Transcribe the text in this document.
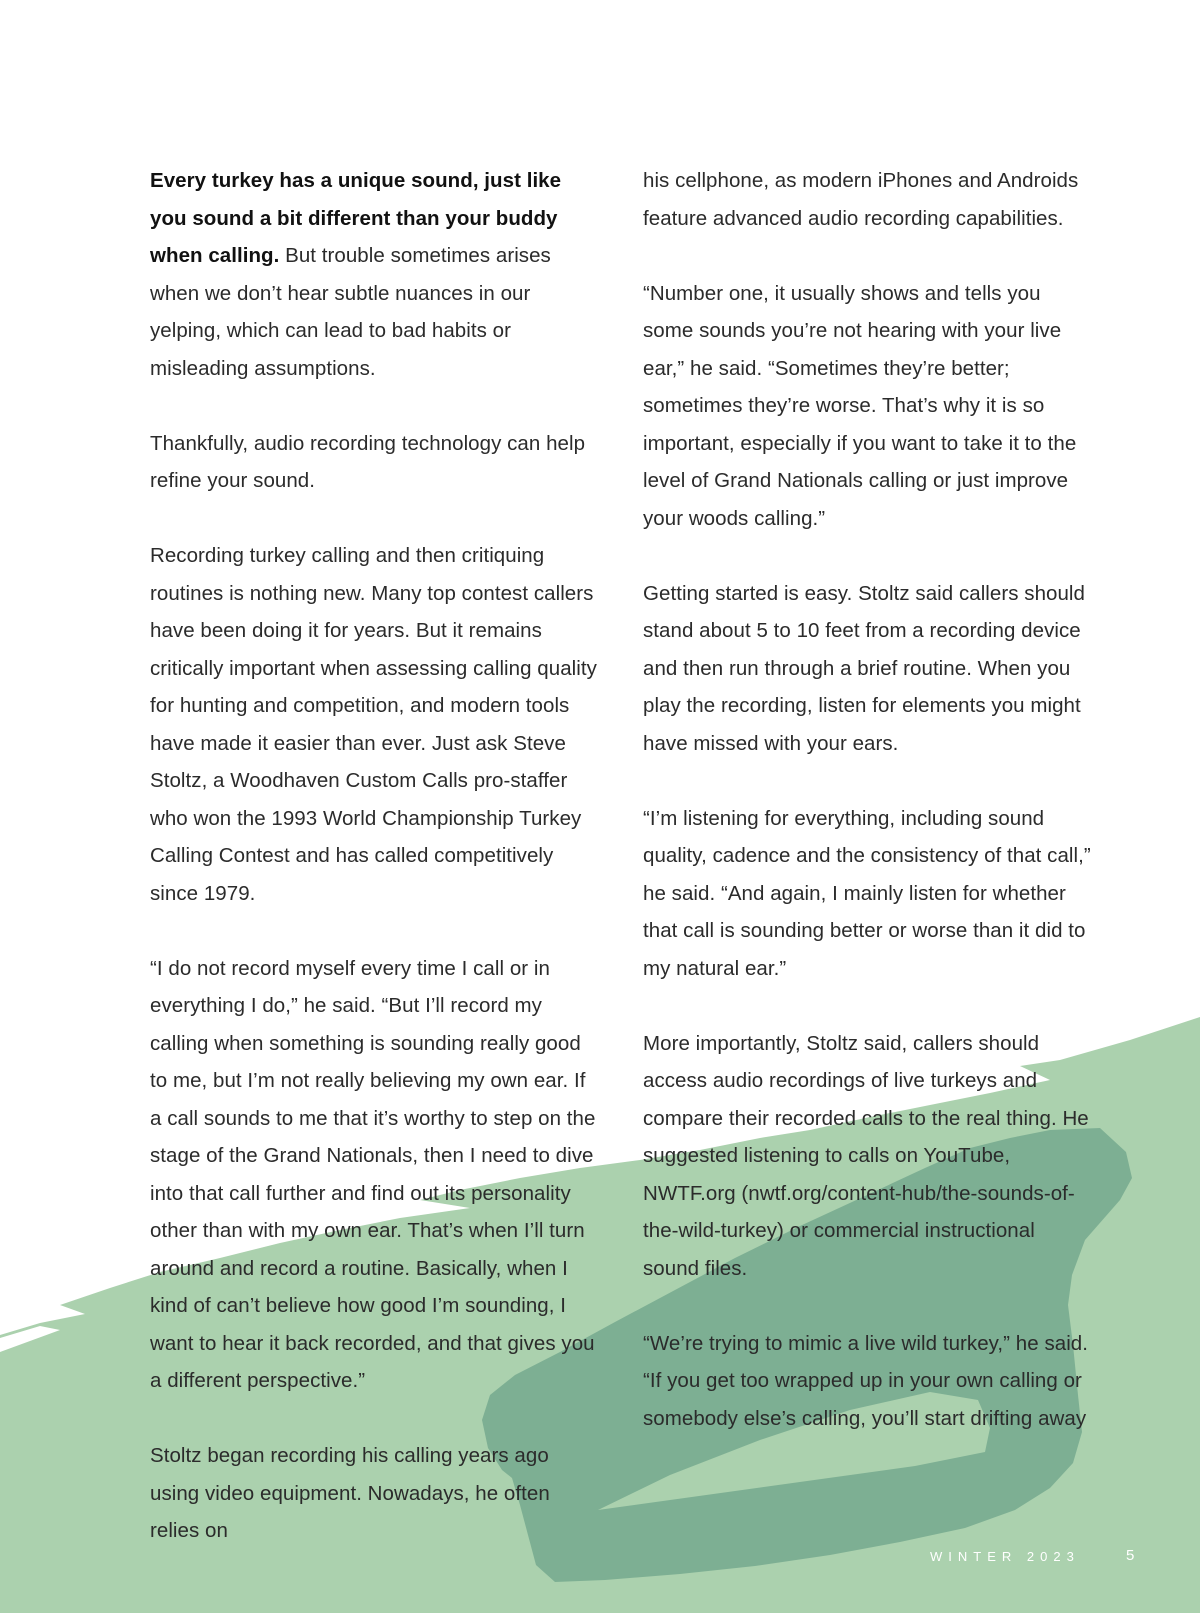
Every turkey has a unique sound, just like you sound a bit different than your buddy when calling. But trouble sometimes arises when we don’t hear subtle nuances in our yelping, which can lead to bad habits or misleading assumptions.

Thankfully, audio recording technology can help refine your sound.

Recording turkey calling and then critiquing routines is nothing new. Many top contest callers have been doing it for years. But it remains critically important when assessing calling quality for hunting and competition, and modern tools have made it easier than ever. Just ask Steve Stoltz, a Woodhaven Custom Calls pro-staffer who won the 1993 World Championship Turkey Calling Contest and has called competitively since 1979.

“I do not record myself every time I call or in everything I do,” he said. “But I’ll record my calling when something is sounding really good to me, but I’m not really believing my own ear. If a call sounds to me that it’s worthy to step on the stage of the Grand Nationals, then I need to dive into that call further and find out its personality other than with my own ear. That’s when I’ll turn around and record a routine. Basically, when I kind of can’t believe how good I’m sounding, I want to hear it back recorded, and that gives you a different perspective.”

Stoltz began recording his calling years ago using video equipment. Nowadays, he often relies on

his cellphone, as modern iPhones and Androids feature advanced audio recording capabilities.

“Number one, it usually shows and tells you some sounds you’re not hearing with your live ear,” he said. “Sometimes they’re better; sometimes they’re worse. That’s why it is so important, especially if you want to take it to the level of Grand Nationals calling or just improve your woods calling.”

Getting started is easy. Stoltz said callers should stand about 5 to 10 feet from a recording device and then run through a brief routine. When you play the recording, listen for elements you might have missed with your ears.

“I’m listening for everything, including sound quality, cadence and the consistency of that call,” he said. “And again, I mainly listen for whether that call is sounding better or worse than it did to my natural ear.”

More importantly, Stoltz said, callers should access audio recordings of live turkeys and compare their recorded calls to the real thing. He suggested listening to calls on YouTube, NWTF.org (nwtf.org/content-hub/the-sounds-of-the-wild-turkey) or commercial instructional sound files.

“We’re trying to mimic a live wild turkey,” he said. “If you get too wrapped up in your own calling or somebody else’s calling, you’ll start drifting away

WINTER 2023	5
